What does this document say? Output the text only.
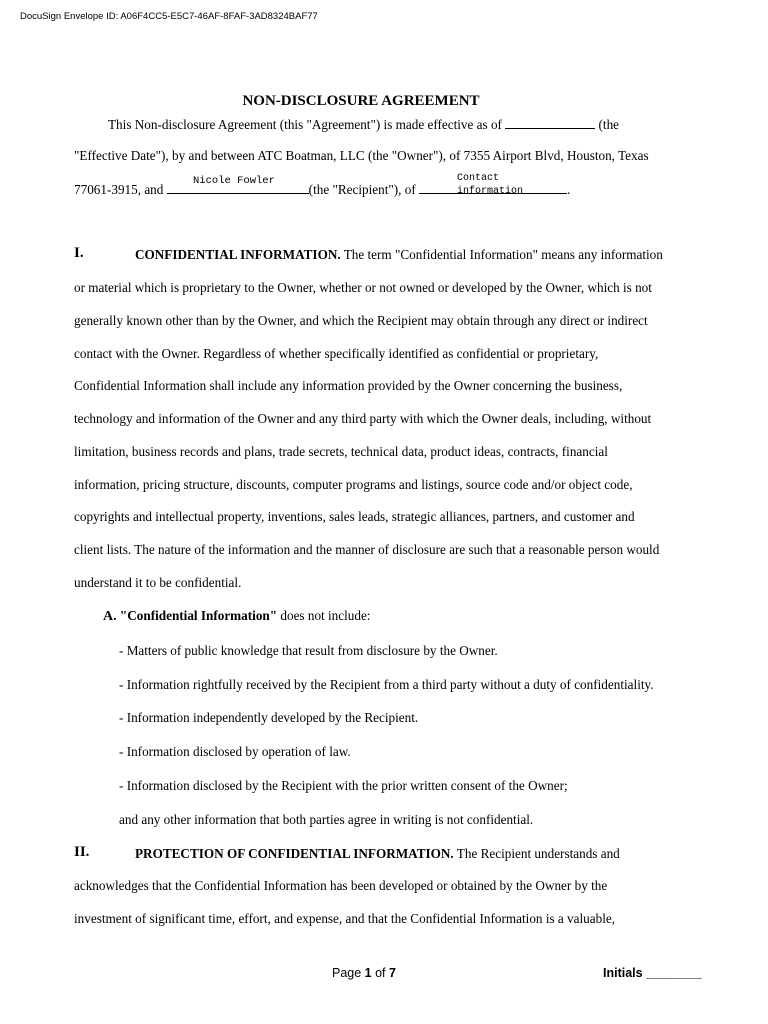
DocuSign Envelope ID: A06F4CC5-E5C7-46AF-8FAF-3AD8324BAF77
NON-DISCLOSURE AGREEMENT
This Non-disclosure Agreement (this "Agreement") is made effective as of	(the
"Effective Date"), by and between ATC Boatman, LLC (the "Owner"), of 7355 Airport Blvd, Houston, Texas
77061-3915, and	(the "Recipient"), of	.
Nicole Fowler	Contact
information
I.	CONFIDENTIAL INFORMATION. The term "Confidential Information" means any information
or material which is proprietary to the Owner, whether or not owned or developed by the Owner, which is not
generally known other than by the Owner, and which the Recipient may obtain through any direct or indirect
contact with the Owner. Regardless of whether specifically identified as confidential or proprietary,
Confidential Information shall include any information provided by the Owner concerning the business,
technology and information of the Owner and any third party with which the Owner deals, including, without
limitation, business records and plans, trade secrets, technical data, product ideas, contracts, financial
information, pricing structure, discounts, computer programs and listings, source code and/or object code,
copyrights and intellectual property, inventions, sales leads, strategic alliances, partners, and customer and
client lists. The nature of the information and the manner of disclosure are such that a reasonable person would
understand it to be confidential.
A. "Confidential Information" does not include:
- Matters of public knowledge that result from disclosure by the Owner.
- Information rightfully received by the Recipient from a third party without a duty of confidentiality.
- Information independently developed by the Recipient.
- Information disclosed by operation of law.
- Information disclosed by the Recipient with the prior written consent of the Owner;
and any other information that both parties agree in writing is not confidential.
II.	PROTECTION OF CONFIDENTIAL INFORMATION. The Recipient understands and
acknowledges that the Confidential Information has been developed or obtained by the Owner by the
investment of significant time, effort, and expense, and that the Confidential Information is a valuable,
Page 1 of 7	Initials ________
